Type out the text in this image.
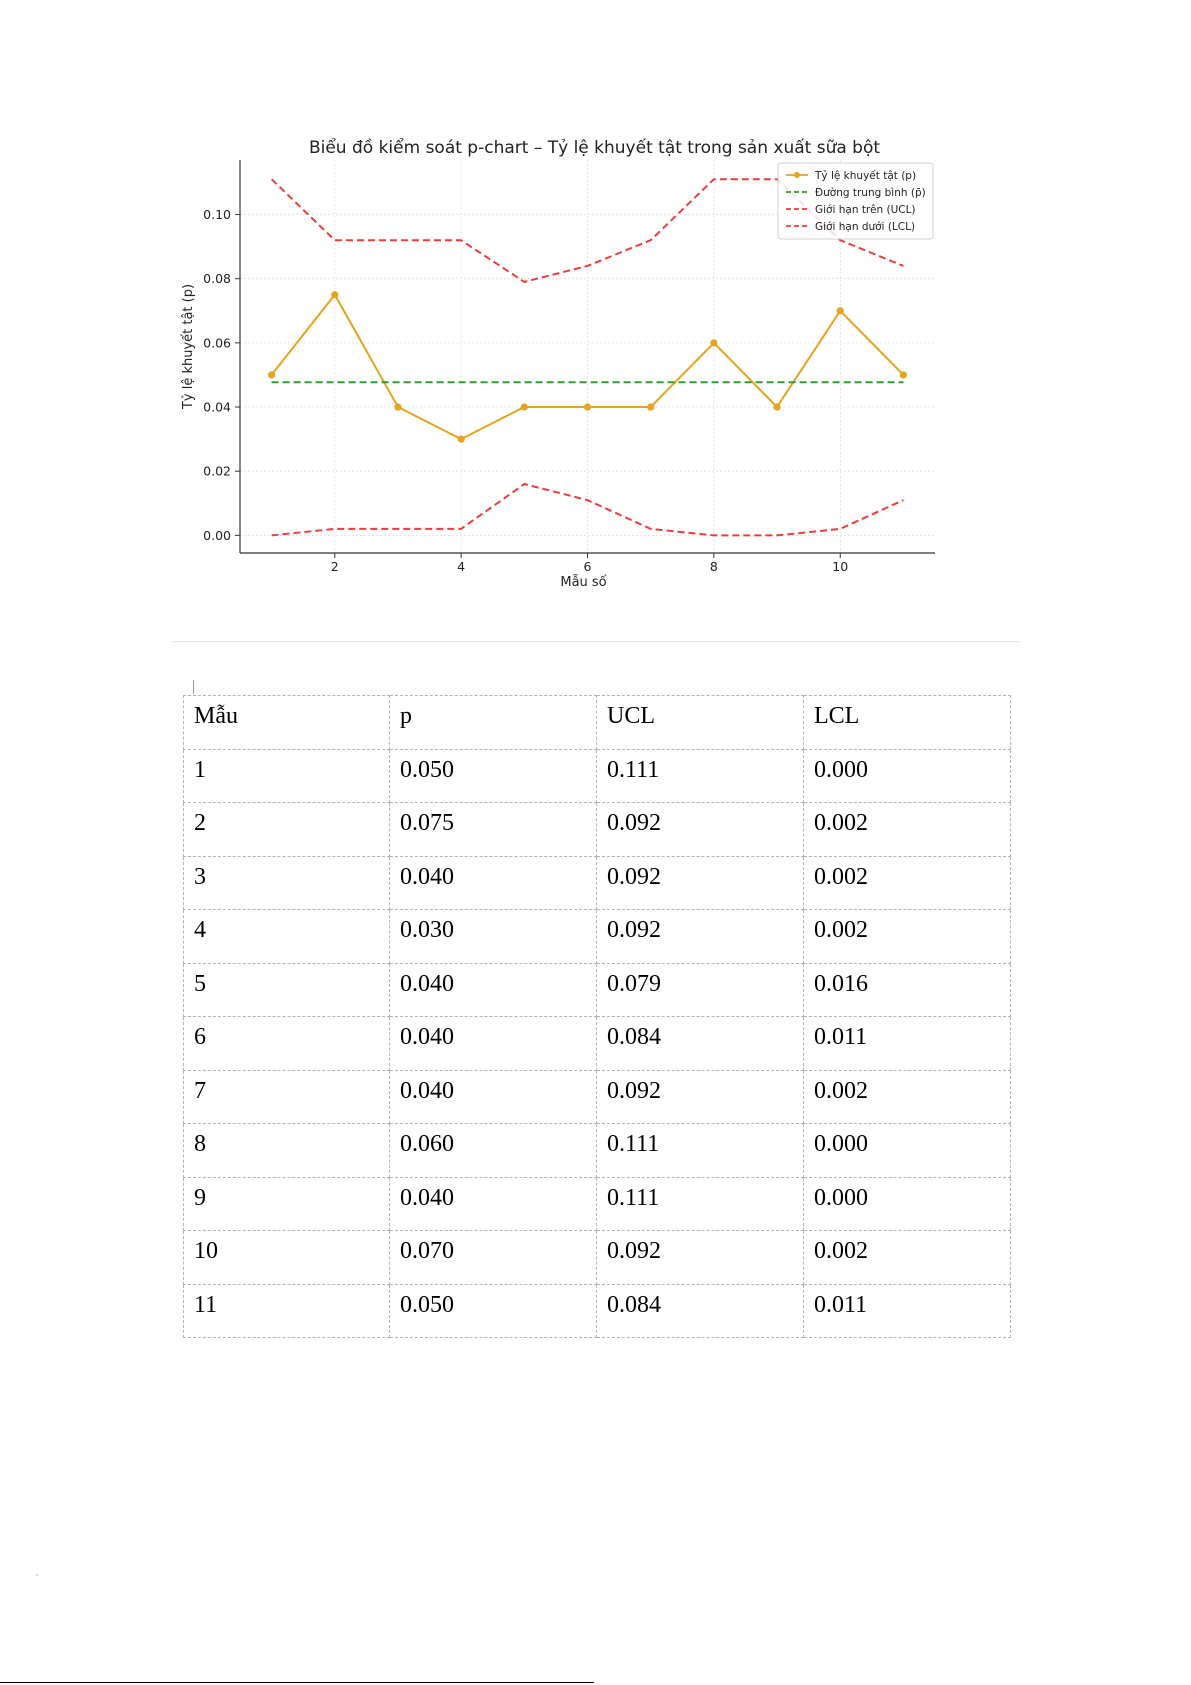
2	4	6	8	10
0.00
0.02
0.04
0.06
0.08
0.10
Biểu đồ kiểm soát p-chart – Tỷ lệ khuyết tật trong sản xuất sữa bột
Mẫu số
Tỷ lệ khuyết tật (p)
Tỷ lệ khuyết tật (p)
Đường trung bình (p̄)
Giới hạn trên (UCL)
Giới hạn dưới (LCL)
Mẫu	p	UCL	LCL

1	0.050	0.111	0.000

2	0.075	0.092	0.002

3	0.040	0.092	0.002

4	0.030	0.092	0.002

5	0.040	0.079	0.016

6	0.040	0.084	0.011

7	0.040	0.092	0.002

8	0.060	0.111	0.000

9	0.040	0.111	0.000

10	0.070	0.092	0.002

11	0.050	0.084	0.011
